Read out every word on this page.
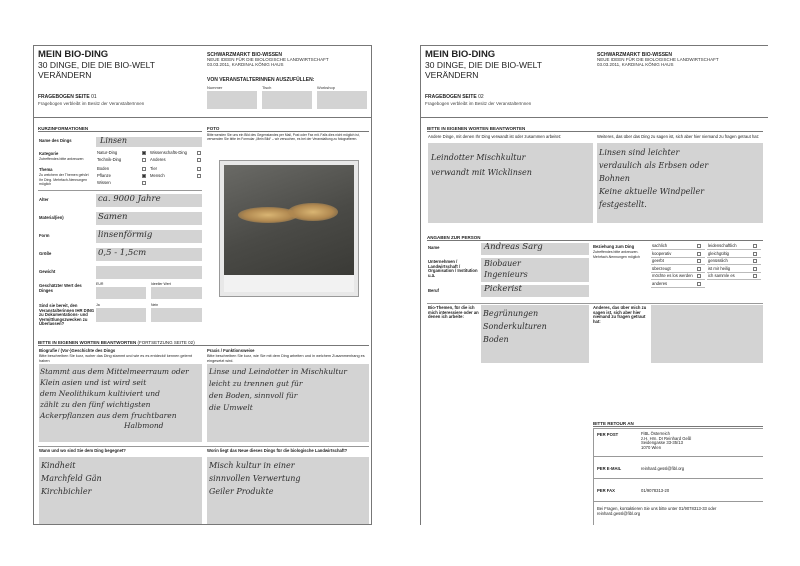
MEIN BIO-DING
30 DINGE, DIE DIE BIO-WELT VERÄNDERN
FRAGEBOGEN SEITE 01
Fragebogen verbleibt im Besitz der VeranstalterInnen
SCHWARZMARKT BIO-WISSEN
NEUE IDEEN FÜR DIE BIOLOGISCHE LANDWIRTSCHAFT
03.03.2011, KARDINAL KÖNIG HAUS
VON VERANSTALTERINNEN AUSZUFÜLLEN:
Nummer	Tisch	Workshop
KURZINFORMATIONEN	FOTO
Name des Dings	Linsen
Kategorie
Zutreffendes bitte ankreuzen
Natur-Ding	Wissenschafts-Ding
Technik-Ding	Anderes
Thema
Zu welchem der Themen gehört Ihr Ding. Mehrfach-Nennungen möglich
Boden	Tier
Pflanze	Mensch
Wissen
Alter	ca. 9000 Jahre
Material(ien)	Samen
Form	linsenförmig
Größe	0,5 - 1,5cm
Gewicht
Geschätzter Wert des Dinges
EUR	Ideeller Wert
Sind sie bereit, den Veranstalterinnen IHR DING zu Dokumentations- und Vermittlungszwecken zu Überlassen?
Ja	Nein
Bitte wenden Sie uns ein Bild des Gegenstandes per Mail, Post oder Fax mit. Falls dies nicht möglich ist, verwenden Sie bitte im Formular „Mein Bild“ – wir versuchen, es bei der Veranstaltung zu fotografieren.
BITTE IN EIGENEN WORTEN BEANTWORTEN (FORTSETZUNG SEITE 02)
Biografie / (Vor-)Geschichte des Dings
Bitte beschreiben Sie kurz, woher das Ding stammt und wie es es entdeckt/ kennen gelernt haben
Stammt aus dem Mittelmeerraum oder
Klein asien und ist wird seit
dem Neolithikum kultiviert und
zählt zu den fünf wichtigsten
Ackerpflanzen aus dem fruchtbaren
Halbmond
Praxis / Funktionsweise
Bitte beschreiben Sie kurz, wie Sie mit dem Ding arbeiten und in welchem Zusammenhang es eingesetzt wird.
Linse und Leindotter in Mischkultur
leicht zu trennen gut für
den Boden, sinnvoll für
die Umwelt
Wann und wo sind Sie dem Ding begegnet?
Kindheit
Marchfeld Gän
Kirchbichler
Worin liegt das Neue dieses Dings für die biologische Landwirtschaft?
Misch kultur in einer
sinnvollen Verwertung
Geiler Produkte
MEIN BIO-DING
30 DINGE, DIE DIE BIO-WELT VERÄNDERN
FRAGEBOGEN SEITE 02
Fragebogen verbleibt im Besitz der VeranstalterInnen
SCHWARZMARKT BIO-WISSEN
NEUE IDEEN FÜR DIE BIOLOGISCHE LANDWIRTSCHAFT
03.03.2011, KARDINAL KÖNIG HAUS
BITTE IN EIGENEN WORTEN BEANTWORTEN
Andere Dinge, mit denen Ihr Ding verwandt ist oder zusammen arbeitet:
Leindotter Mischkultur
verwandt mit Wicklinsen
Weiteres, das über das Ding zu sagen ist, sich aber hier niemand zu fragen getraut hat:
Linsen sind leichter
verdaulich als Erbsen oder
Bohnen
Keine aktuelle Windpeller
festgestellt.
ANGABEN ZUR PERSON
Name	Andreas Sarg
Unternehmen / Landwirtschaft / Organisation / Institution u.ä.
Biobauer
Ingenieurs
Beruf	Pickerist
Beziehung zum Ding
Zutreffendes bitte ankreuzen. Mehrfach-Nennungen möglich
sachlich	leidenschaftlich
kooperativ	gleichgültig
geerbt	genüsslich
überzeugt	ist mir heilig
möchte es los werden	ich sammle es
anderes
Bio-Themen, für die ich mich interessiere oder an denen ich arbeite:	Begrünungen
Sonderkulturen
Boden
Anderes, das über mich zu sagen ist, sich aber hier niemand zu fragen getraut hat:
BITTE RETOUR AN
PER POST	FiBL Österreich
z.H. Hrn. DI Reinhard Geßl
Seidengasse 33-35/13
1070 Wien
PER E-MAIL	reinhard.gessl@fibl.org
PER FAX	01/9078313-20
Bei Fragen, kontaktieren Sie uns bitte unter 01/9078313-33 oder reinhard.gessl@fibl.org
